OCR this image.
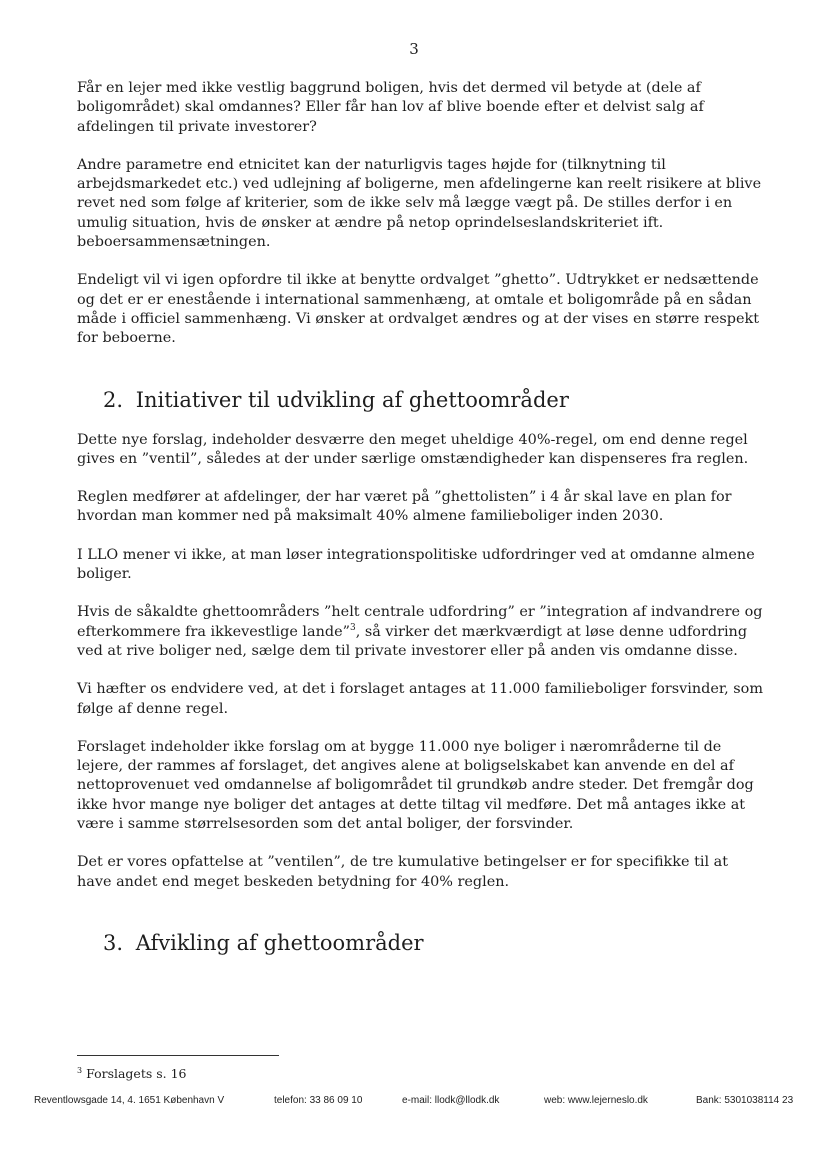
3

Får en lejer med ikke vestlig baggrund boligen, hvis det dermed vil betyde at (dele af boligområdet) skal omdannes? Eller får han lov af blive boende efter et delvist salg af afdelingen til private investorer?

Andre parametre end etnicitet kan der naturligvis tages højde for (tilknytning til arbejdsmarkedet etc.) ved udlejning af boligerne, men afdelingerne kan reelt risikere at blive revet ned som følge af kriterier, som de ikke selv må lægge vægt på. De stilles derfor i en umulig situation, hvis de ønsker at ændre på netop oprindelseslandskriteriet ift. beboersammensætningen.

Endeligt vil vi igen opfordre til ikke at benytte ordvalget ”ghetto”. Udtrykket er nedsættende og det er er enestående i international sammenhæng, at omtale et boligområde på en sådan måde i officiel sammenhæng. Vi ønsker at ordvalget ændres og at der vises en større respekt for beboerne.

2. Initiativer til udvikling af ghettoområder

Dette nye forslag, indeholder desværre den meget uheldige 40%-regel, om end denne regel gives en ”ventil”, således at der under særlige omstændigheder kan dispenseres fra reglen.

Reglen medfører at afdelinger, der har været på ”ghettolisten” i 4 år skal lave en plan for hvordan man kommer ned på maksimalt 40% almene familieboliger inden 2030.

I LLO mener vi ikke, at man løser integrationspolitiske udfordringer ved at omdanne almene boliger.

Hvis de såkaldte ghettoområders ”helt centrale udfordring” er ”integration af indvandrere og efterkommere fra ikkevestlige lande”$^3$, så virker det mærkværdigt at løse denne udfordring ved at rive boliger ned, sælge dem til private investorer eller på anden vis omdanne disse.

Vi hæfter os endvidere ved, at det i forslaget antages at 11.000 familieboliger forsvinder, som følge af denne regel.

Forslaget indeholder ikke forslag om at bygge 11.000 nye boliger i nærområderne til de lejere, der rammes af forslaget, det angives alene at boligselskabet kan anvende en del af nettoprovenuet ved omdannelse af boligområdet til grundkøb andre steder. Det fremgår dog ikke hvor mange nye boliger det antages at dette tiltag vil medføre. Det må antages ikke at være i samme størrelsesorden som det antal boliger, der forsvinder.

Det er vores opfattelse at ”ventilen”, de tre kumulative betingelser er for specifikke til at have andet end meget beskeden betydning for 40% reglen.

3. Afvikling af ghettoområder
$^3$ Forslagets s. 16
Reventlowsgade 14, 4. 1651 København V	telefon: 33 86 09 10	e-mail: llodk@llodk.dk	web: www.lejerneslo.dk	Bank: 5301038114 23
